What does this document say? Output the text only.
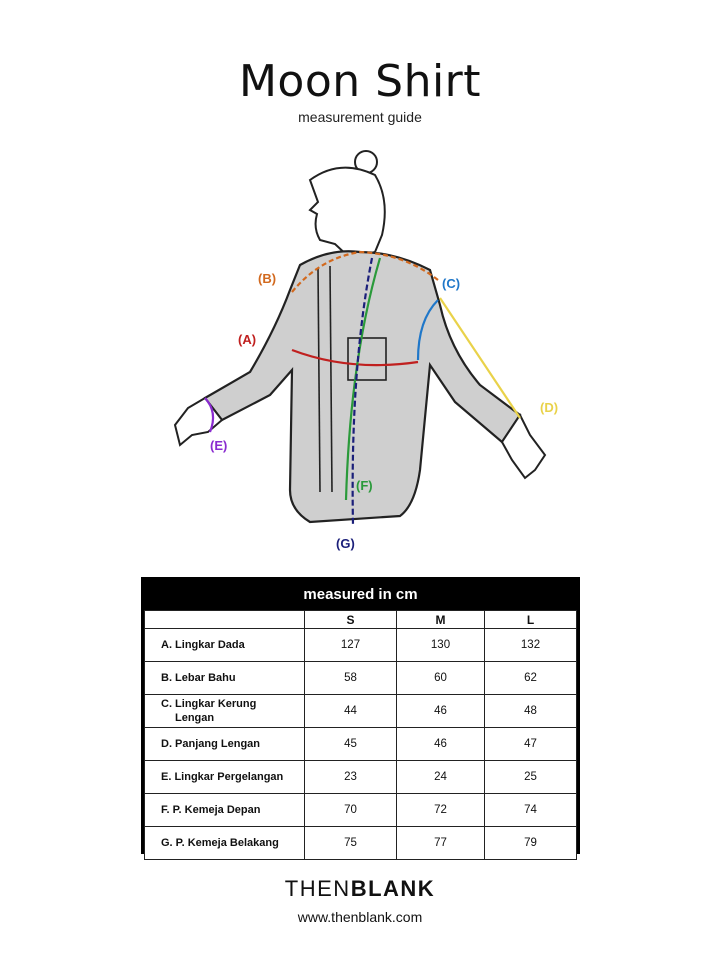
Moon Shirt
measurement guide
(A)
(B)	(C)
(D)
(E)
(F)
(G)
measured in cm
	S	M	L
A. Lingkar Dada	127	130	132
B. Lebar Bahu	58	60	62
C. Lingkar Kerung
Lengan	44	46	48
D. Panjang Lengan	45	46	47
E. Lingkar Pergelangan	23	24	25
F. P. Kemeja Depan	70	72	74
G. P. Kemeja Belakang	75	77	79
THENBLANK
www.thenblank.com
